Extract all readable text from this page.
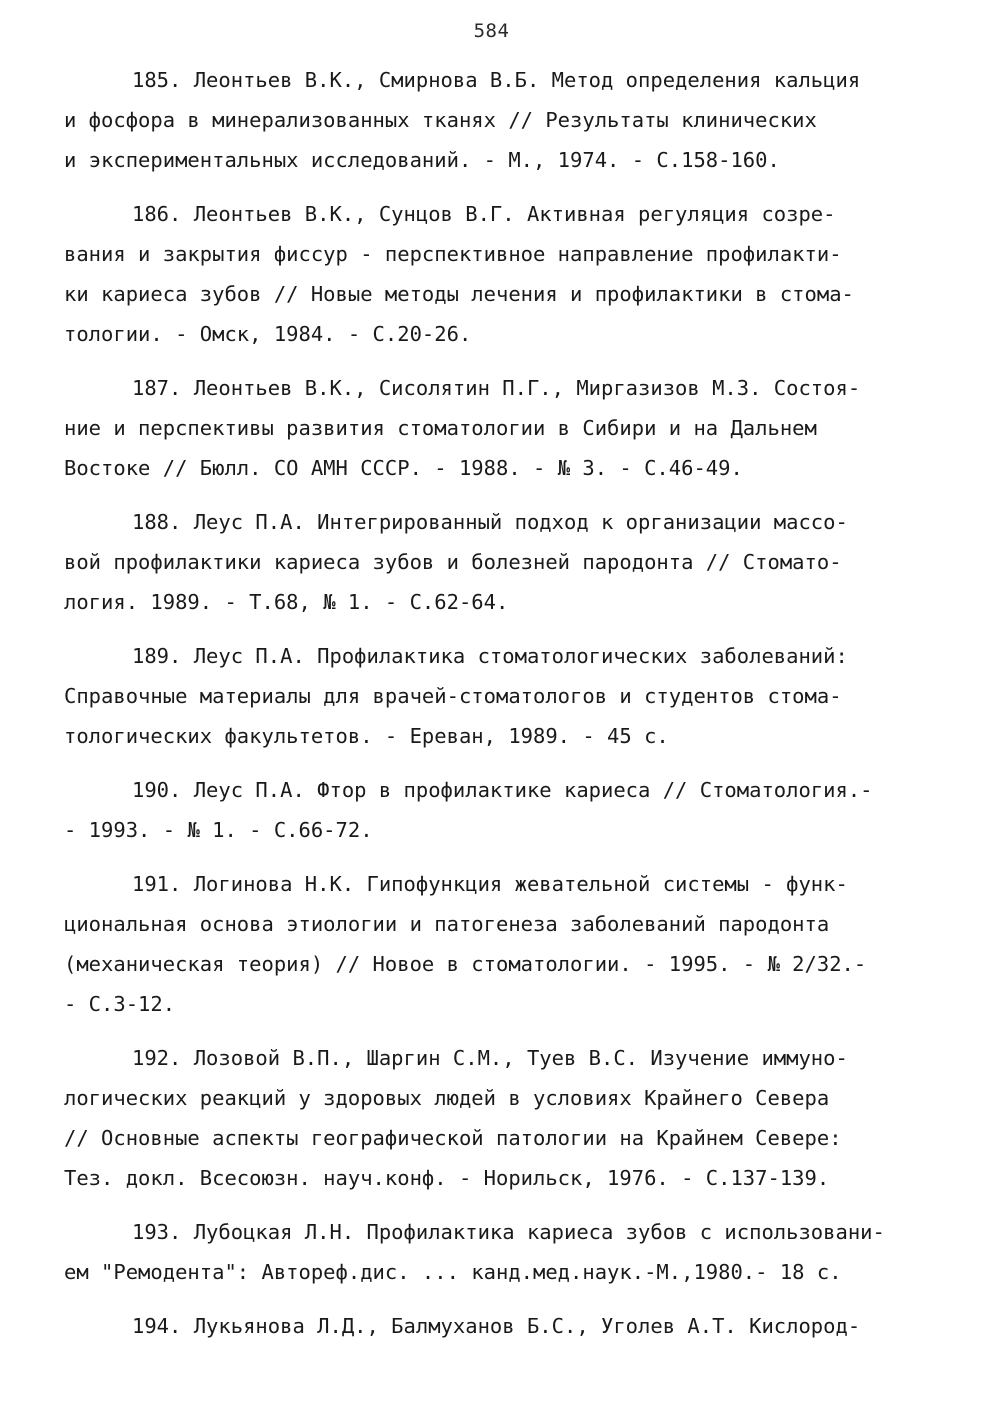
584
185. Леонтьев В.К., Смирнова В.Б. Метод определения кальция
и фосфора в минерализованных тканях // Результаты клинических
и экспериментальных исследований. - М., 1974. - С.158-160.
186. Леонтьев В.К., Сунцов В.Г. Активная регуляция созре-
вания и закрытия фиссур - перспективное направление профилакти-
ки кариеса зубов // Новые методы лечения и профилактики в стома-
тологии. - Омск, 1984. - С.20-26.
187. Леонтьев В.К., Сисолятин П.Г., Миргазизов М.З. Состоя-
ние и перспективы развития стоматологии в Сибири и на Дальнем
Востоке // Бюлл. СО АМН СССР. - 1988. - № 3. - С.46-49.
188. Леус П.А. Интегрированный подход к организации массо-
вой профилактики кариеса зубов и болезней пародонта // Стомато-
логия. 1989. - Т.68, № 1. - С.62-64.
189. Леус П.А. Профилактика стоматологических заболеваний:
Справочные материалы для врачей-стоматологов и студентов стома-
тологических факультетов. - Ереван, 1989. - 45 с.
190. Леус П.А. Фтор в профилактике кариеса // Стоматология.-
- 1993. - № 1. - С.66-72.
191. Логинова Н.К. Гипофункция жевательной системы - функ-
циональная основа этиологии и патогенеза заболеваний пародонта
(механическая теория) // Новое в стоматологии. - 1995. - № 2/32.-
- С.3-12.
192. Лозовой В.П., Шаргин С.М., Туев В.С. Изучение иммуно-
логических реакций у здоровых людей в условиях Крайнего Севера
// Основные аспекты географической патологии на Крайнем Севере:
Тез. докл. Всесоюзн. науч.конф. - Норильск, 1976. - С.137-139.
193. Лубоцкая Л.Н. Профилактика кариеса зубов с использовани-
ем "Ремодента": Автореф.дис. ... канд.мед.наук.-М.,1980.- 18 с.
194. Лукьянова Л.Д., Балмуханов Б.С., Уголев А.Т. Кислород-
